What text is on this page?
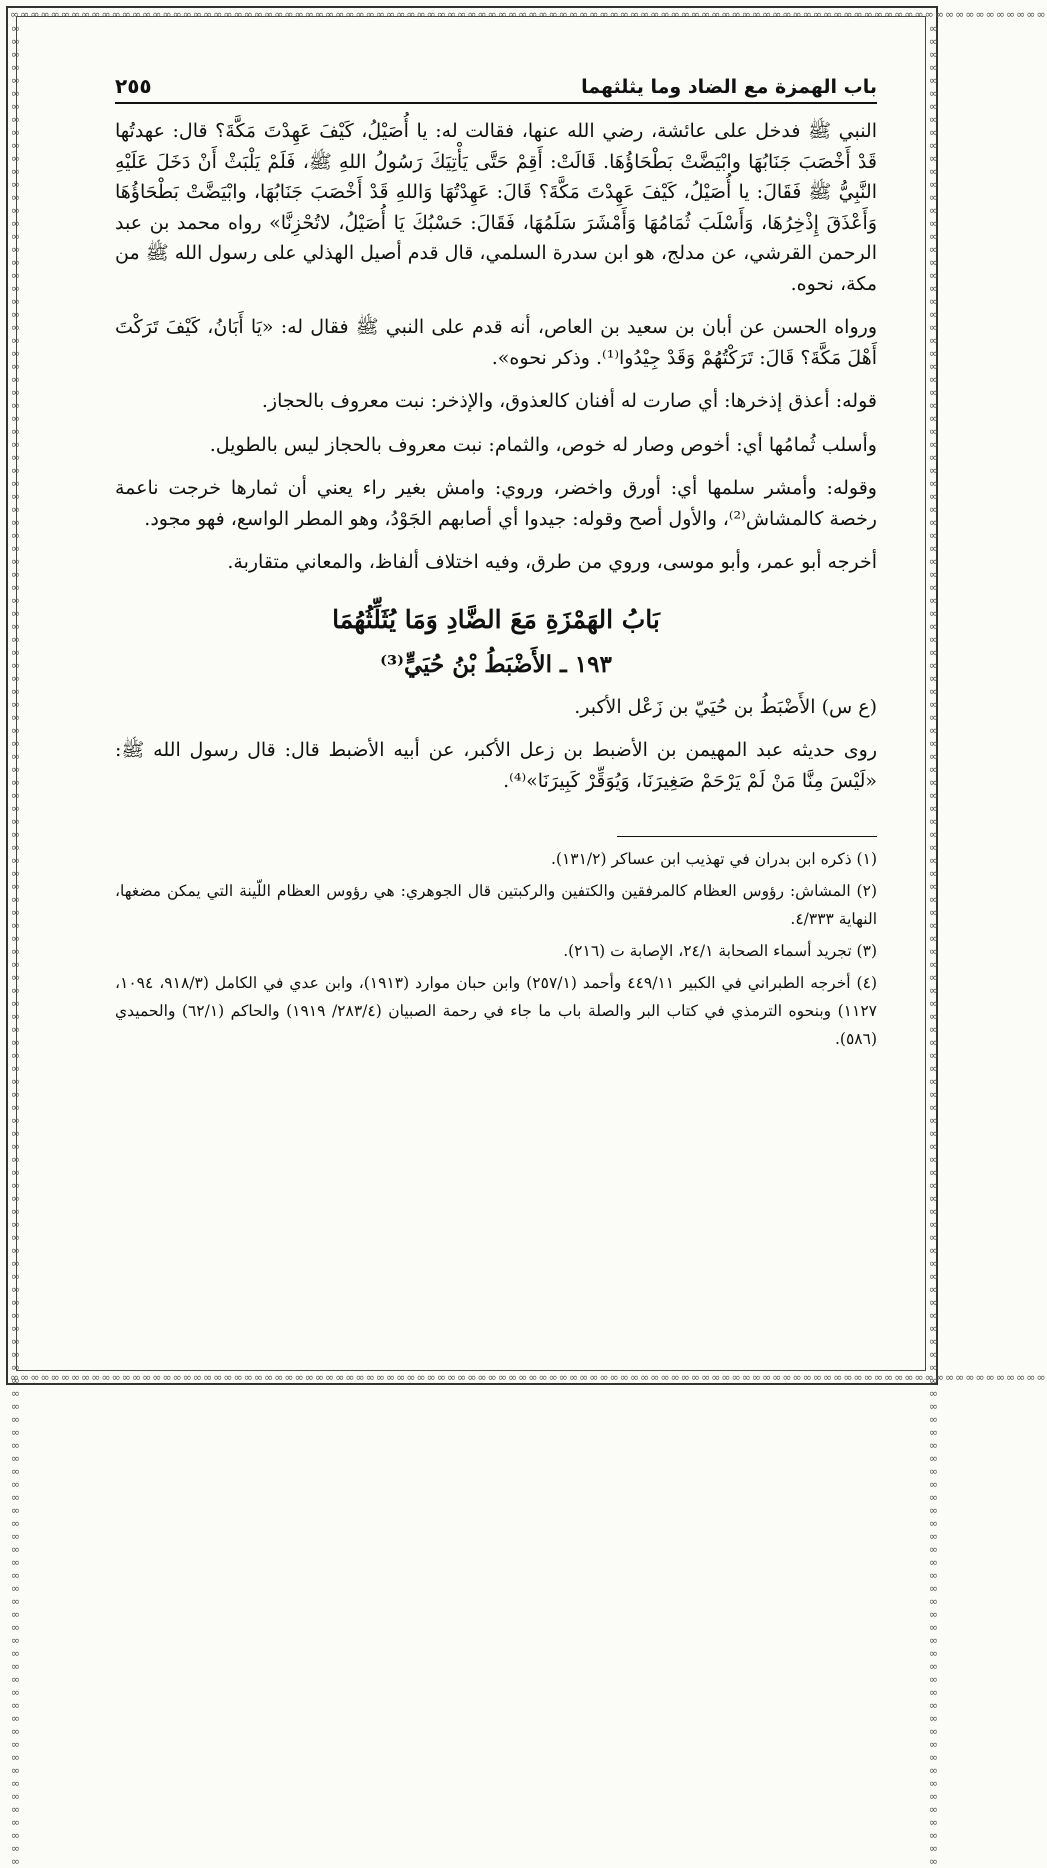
∞∞∞∞∞∞∞∞∞∞∞∞∞∞∞∞∞∞∞∞∞∞∞∞∞∞∞∞∞∞∞∞∞∞∞∞∞∞∞∞∞∞∞∞∞∞∞∞∞∞∞∞∞∞∞∞∞∞∞∞∞∞∞∞∞∞∞∞∞∞∞∞∞∞∞∞∞∞∞∞∞∞∞∞∞∞∞∞∞∞∞∞∞∞∞∞∞∞∞∞∞∞
∞∞∞∞∞∞∞∞∞∞∞∞∞∞∞∞∞∞∞∞∞∞∞∞∞∞∞∞∞∞∞∞∞∞∞∞∞∞∞∞∞∞∞∞∞∞∞∞∞∞∞∞∞∞∞∞∞∞∞∞∞∞∞∞∞∞∞∞∞∞∞∞∞∞∞∞∞∞∞∞∞∞∞∞∞∞∞∞∞∞∞∞∞∞∞∞∞∞∞∞∞∞
∞∞∞∞∞∞∞∞∞∞∞∞∞∞∞∞∞∞∞∞∞∞∞∞∞∞∞∞∞∞∞∞∞∞∞∞∞∞∞∞∞∞∞∞∞∞∞∞∞∞∞∞∞∞∞∞∞∞∞∞∞∞∞∞∞∞∞∞∞∞∞∞∞∞∞∞∞∞∞∞∞∞∞∞∞∞∞∞∞∞∞∞∞∞∞∞∞∞∞∞∞∞∞∞∞∞∞∞∞∞∞∞∞∞∞∞∞∞∞∞∞∞∞∞∞∞∞∞∞∞∞∞∞∞∞∞∞∞∞∞∞∞	∞∞∞∞∞∞∞∞∞∞∞∞∞∞∞∞∞∞∞∞∞∞∞∞∞∞∞∞∞∞∞∞∞∞∞∞∞∞∞∞∞∞∞∞∞∞∞∞∞∞∞∞∞∞∞∞∞∞∞∞∞∞∞∞∞∞∞∞∞∞∞∞∞∞∞∞∞∞∞∞∞∞∞∞∞∞∞∞∞∞∞∞∞∞∞∞∞∞∞∞∞∞∞∞∞∞∞∞∞∞∞∞∞∞∞∞∞∞∞∞∞∞∞∞∞∞∞∞∞∞∞∞∞∞∞∞∞∞∞∞∞∞
باب الهمزة مع الضاد وما يثلثهما
٢٥٥

النبي ﷺ فدخل على عائشة، رضي الله عنها، فقالت له: يا أُصَيْلُ، كَيْفَ عَهِدْتَ مَكَّةَ؟ قال: عهدتُها قَدْ أَخْصَبَ جَنَابُهَا وابْيَضَّتْ بَطْحَاؤُهَا. قَالَتْ: أَقِمْ حَتَّى يَأْتِيَكَ رَسُولُ اللهِ ﷺ، فَلَمْ يَلْبَثْ أَنْ دَخَلَ عَلَيْهِ النَّبِيُّ ﷺ فَقَالَ: يا أُصَيْلُ، كَيْفَ عَهِدْتَ مَكَّةَ؟ قَالَ: عَهِدْتُهَا وَاللهِ قَدْ أَخْصَبَ جَنَابُهَا، وابْيَضَّتْ بَطْحَاؤُهَا وَأَعْذَقَ إِذْخِرُهَا، وَأَسْلَبَ ثُمَامُهَا وَأَمْشَرَ سَلَمُهَا، فَقَالَ: حَسْبُكَ يَا أُصَيْلُ، لاتُحْزِنَّا» رواه محمد بن عبد الرحمن القرشي، عن مدلج، هو ابن سدرة السلمي، قال قدم أصيل الهذلي على رسول الله ﷺ من مكة، نحوه.

ورواه الحسن عن أبان بن سعيد بن العاص، أنه قدم على النبي ﷺ فقال له: «يَا أَبَانُ، كَيْفَ تَرَكْتَ أَهْلَ مَكَّةَ؟ قَالَ: تَرَكْتُهُمْ وَقَدْ جِيْدُوا⁽¹⁾. وذكر نحوه».

قوله: أعذق إذخرها: أي صارت له أفنان كالعذوق، والإذخر: نبت معروف بالحجاز.

وأسلب ثُمامُها أي: أخوص وصار له خوص، والثمام: نبت معروف بالحجاز ليس بالطويل.

وقوله: وأمشر سلمها أي: أورق واخضر، وروي: وامش بغير راء يعني أن ثمارها خرجت ناعمة رخصة كالمشاش⁽²⁾، والأول أصح وقوله: جيدوا أي أصابهم الجَوْدُ، وهو المطر الواسع، فهو مجود.

أخرجه أبو عمر، وأبو موسى، وروي من طرق، وفيه اختلاف ألفاظ، والمعاني متقاربة.

بَابُ الهَمْزَةِ مَعَ الضَّادِ وَمَا يُثَلِّثُهُمَا
١٩٣ ـ الأَضْبَطُ بْنُ حُيَيٍّ⁽³⁾

(ع س) الأَضْبَطُ بن حُيَيّ بن زَعْل الأكبر.

روى حديثه عبد المهيمن بن الأضبط بن زعل الأكبر، عن أبيه الأضبط قال: قال رسول الله ﷺ: «لَيْسَ مِنَّا مَنْ لَمْ يَرْحَمْ صَغِيرَنَا، وَيُوَقِّرْ كَبِيرَنَا»⁽⁴⁾.

(١) ذكره ابن بدران في تهذيب ابن عساكر (١٣١/٢).

(٢) المشاش: رؤوس العظام كالمرفقين والكتفين والركبتين قال الجوهري: هي رؤوس العظام اللّينة التي يمكن مضغها، النهاية ٤/٣٣٣.

(٣) تجريد أسماء الصحابة ٢٤/١، الإصابة ت (٢١٦).

(٤) أخرجه الطبراني في الكبير ٤٤٩/١١ وأحمد (٢٥٧/١) وابن حبان موارد (١٩١٣)، وابن عدي في الكامل (٩١٨/٣، ١٠٩٤، ١١٢٧) وبنحوه الترمذي في كتاب البر والصلة باب ما جاء في رحمة الصبيان (٢٨٣/٤/ ١٩١٩) والحاكم (٦٢/١) والحميدي (٥٨٦).
